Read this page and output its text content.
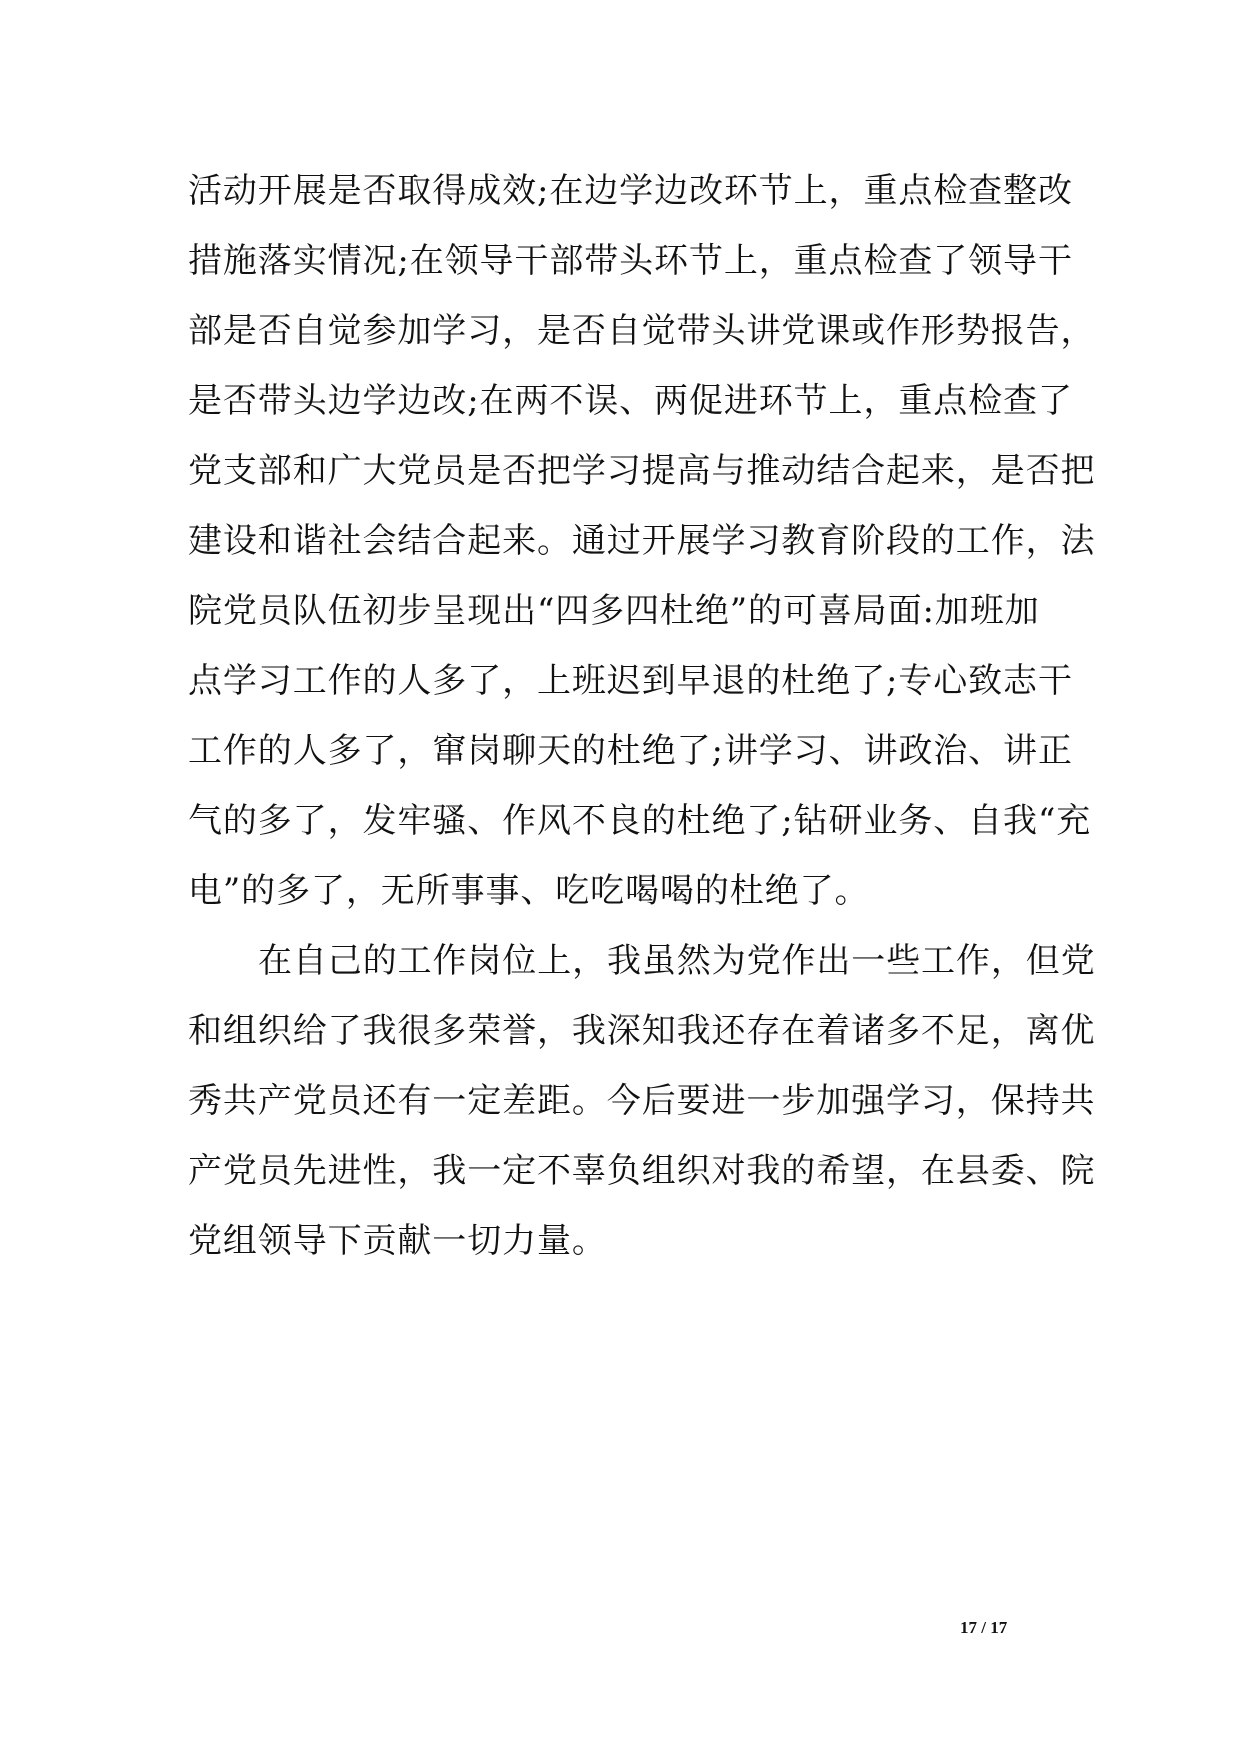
活动开展是否取得成效;在边学边改环节上，重点检查整改
措施落实情况;在领导干部带头环节上，重点检查了领导干
部是否自觉参加学习，是否自觉带头讲党课或作形势报告，
是否带头边学边改;在两不误、两促进环节上，重点检查了
党支部和广大党员是否把学习提高与推动结合起来，是否把
建设和谐社会结合起来。通过开展学习教育阶段的工作，法
院党员队伍初步呈现出“四多四杜绝”的可喜局面:加班加
点学习工作的人多了，上班迟到早退的杜绝了;专心致志干
工作的人多了，窜岗聊天的杜绝了;讲学习、讲政治、讲正
气的多了，发牢骚、作风不良的杜绝了;钻研业务、自我“充
电”的多了，无所事事、吃吃喝喝的杜绝了。
在自己的工作岗位上，我虽然为党作出一些工作，但党
和组织给了我很多荣誉，我深知我还存在着诸多不足，离优
秀共产党员还有一定差距。今后要进一步加强学习，保持共
产党员先进性，我一定不辜负组织对我的希望，在县委、院
党组领导下贡献一切力量。
17 / 17
